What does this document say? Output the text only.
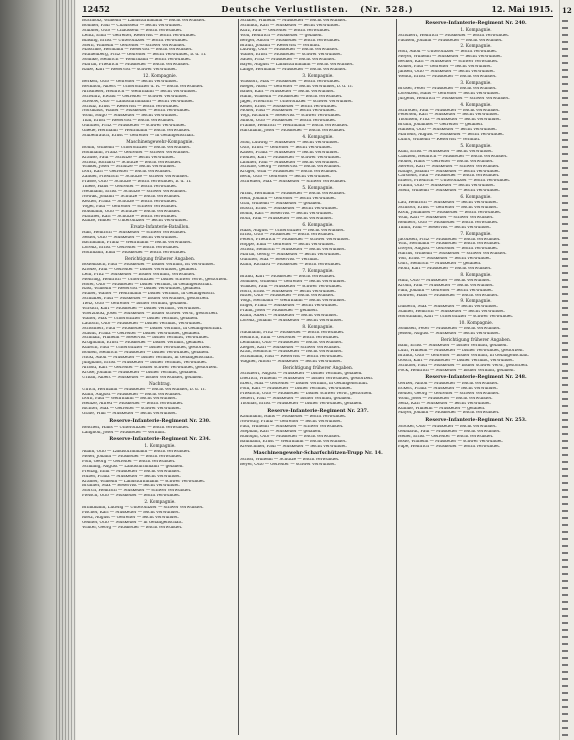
12452	Deutsche Verlustlisten. (Nr. 528.)	12. Mai 1915.
Buchholz, Wilhelm — Landsturmmann — leicht verwundet.
Böhmer, Paul — Chausseur — leicht verwundet.
Stübner, Otto — Chausseur — leicht verwundet.
Lentz, Emil — Gefreiter, Reservist — leicht verwundet.
Bläsing, Ernst — Unteroffizier — leicht verwundet.
Stern, Wilhelm — Gefreiter — schwer verwundet.
Maschke, Hermann — Reservist — leicht verwundet.
Mühlenberg, Fritz — Gefreiter — leicht verwundet, b. d. Tr.
Söhnke, Heinrich — Wehrmann — leicht verwundet.
Märtin, Friedrich — Musketier — leicht verwundet.
Rabe, Karl — Reservist — schwer verwundet.
12. Kompagnie.
Berkelt, Otto — Gefreiter — leicht verwundet.
Reckhoff, Albert — Unteroffizier d. R. — leicht verwundet.
Arnsmeier, Heinrich — Wehrmann — leicht verwundet.
Schwarz, Ewald — Gefreiter — schwer verwundet.
Strelow, Otto — Landsturmmann — leicht verwundet.
Schulz, Ernst — Reservist — leicht verwundet.
Nordhaus, Walter — Musketier — leicht verwundet.
Wolff, Hugo — Musketier — leicht verwundet.
Thal, Ernst — Reservist — leicht verwundet.
Günther, Fritz — Musketier — schwer verwundet.
Gaede, Hermann — Wehrmann — leicht verwundet.
Stubenrauch, Ernst — Gefreiter — in Gefangenschaft.
Maschinengewehr-Kompagnie.
Bohm, Wilhelm — Unteroffizier — leicht verwundet.
Hohmann, Franz — Gefreiter — schwer verwundet.
Krause, Paul — Schütze — leicht verwundet.
Scholz, Richard — Schütze — leicht verwundet.
Winkel, Josef — Schütze — leicht verwundet.
Dörr, Karl — Gefreiter — leicht verwundet.
Zander, Friedrich — Schütze — schwer verwundet.
Prasse, Otto — Schütze — leicht verwundet, b. d. Tr.
Thiele, Hans — Gefreiter — leicht verwundet.
Neumann, Ernst — Schütze — schwer verwundet.
Nowak, Johann — Schütze — leicht verwundet.
Kettler, Franz — Schütze — leicht verwundet.
Vogel, Paul — Gefreiter — schwer verwundet.
Roßmann, Otto — Schütze — leicht verwundet.
Matthes, Karl — Schütze — leicht verwundet.
Kunze, Walter — Unteroffizier — leicht verwundet.
Ersatz-Infanterie-Bataillon.
Haß, Heinrich — Musketier — schwer verwundet.
Seidel, Otto — Musketier — leicht verwundet.
Bachmann, Franz — Wehrmann — leicht verwundet.
Lorenz, Ernst — Gefreiter — leicht verwundet.
Hoffmann, Emil — Musketier — leicht verwundet.
Berichtigung früherer Angaben.
Bodenbach, Paul — Musketier — bisher vermißt, ist verwundet.
Kriebe, Paul — Gefreiter — bisher verwundet, gefallen.
Lehr, Fritz — Musketier — bisher vermißt, verwundet.
Mehring, Heinrich — Unteroffizier — bisher schwer verw., gestorben.
Höfer, Otto — Musketier — bisher vermißt, in Gefangenschaft.
Rast, Wilhelm — Reservist — bisher verwundet, gefallen.
Müller, Walter — Wehrmann — bisher vermißt, in Gefangensch.
Schnabel, Paul — Musketier — bisher verwundet, gestorben.
Tietz, Otto — Gefreiter — bisher vermißt, gefallen.
Wirsich, Karl — Musketier — bisher vermißt, verwundet.
Wierzbicki, Josef — Musketier — bisher schwer verw., gestorben.
Walter, Max — Unteroffizier — bisher vermißt, gefallen.
Lautsch, Otto — Musketier — bisher vermißt, verwundet.
Schönherr, Paul — Musketier — bisher vermißt, in Gefangenschaft.
Staudt, Franz — Gefreiter — bisher verwundet, gefallen.
Schmalz, Wilhelm — Reservist — bisher vermißt, verwundet.
Krugmann, Ernst — Musketier — bisher vermißt, gefallen.
Kubsch, Paul — Unteroffizier — bisher verwundet, gestorben.
Bohlen, Heinrich — Musketier — bisher verwundet, gefallen.
Nickl, Adolf — Musketier — bisher vermißt, in Gefangenschaft.
Junghans, Ernst — Musketier — bisher vermißt, verwundet.
Arnold, Karl — Gefreiter — bisher schwer verwundet, gestorben.
Kruse, Johann — Musketier — bisher vermißt, gefallen.
Urban, Albert — Musketier — bisher verwundet, gefallen.
Nachtrag.
Ulrich, Hermann — Musketier — leicht verwundet, b. d. Tr.
Kuhn, August — Musketier — leicht verwundet.
Dorn, Paul — Wehrmann — leicht verwundet.
Heinze, Alfred — Musketier — leicht verwundet.
Richter, Max — Gefreiter — schwer verwundet.
Grafe, Willi — Musketier — leicht verwundet.
Reserve-Infanterie-Regiment Nr. 230.
Reichelt, Hans — Unteroffizier — leicht verwundet.
Langhoff, Josef — Musketier — vermißt.
Reserve-Infanterie-Regiment Nr. 234.
1. Kompagnie.
Adam, Otto — Landsturmmann — leicht verwundet.
Meier, Johann — Musketier — leicht verwundet.
Pohl, Georg — Gefreiter — leicht verwundet.
Schilling, August — Landsturmmann — gefallen.
Freitag, Emil — Musketier — leicht verwundet.
Huber, Franz — Musketier — leicht verwundet.
Kramer, Wilhelm — Landsturmmann — schwer verwundet.
Brunner, Max — Reservist — leicht verwundet.
Storch, Heinrich — Musketier — schwer verwundet.
Pietsch, Otto — Musketier — leicht verwundet.
2. Kompagnie.
Brinkmann, Ludwig — Unteroffizier — schwer verwundet.
Fischer, Karl — Musketier — leicht verwundet.
Rietz, August — Gefreiter — leicht verwundet.
Geißler, Otto — Musketier — in Gefangenschaft.
Winter, Georg — Musketier — leicht verwundet.
Schäfer, Wilhelm — Musketier — leicht verwundet.
Schmidt, Karl — Musketier — leicht verwundet.
Kurz, Paul — Gefreiter — leicht verwundet.
Wolf, Heinrich — Musketier — gefallen.
Berger, Anton — Musketier — leicht verwundet.
Braun, Johann — Reservist — vermißt.
Ludwig, Otto — Musketier — leicht verwundet.
Walter, Ernst — Musketier — schwer verwundet.
Sauer, Fritz — Musketier — leicht verwundet.
Bayer, August — Landsturmmann — leicht verwundet.
Lange, Hermann — Musketier — leicht verwundet.
3. Kompagnie.
Wilsdorf, Max — Musketier — leicht verwundet.
Rieger, Adolf — Gefreiter — leicht verwundet, b. d. Tr.
Bauer, Karl — Musketier — leicht verwundet.
Hahn, Wilhelm — Musketier — leicht verwundet.
Jäger, Friedrich — Unteroffizier — schwer verwundet.
Keller, Ernst — Musketier — leicht verwundet.
Möller, Paul — Musketier — leicht verwundet.
Vogt, Richard — Reservist — schwer verwundet.
Simon, Otto — Musketier — leicht verwundet.
Franke, Heinrich — Wehrmann — leicht verwundet.
Hartmann, Josef — Musketier — leicht verwundet.
4. Kompagnie.
Stoll, Ludwig — Musketier — leicht verwundet.
Otto, Ernst — Gefreiter — leicht verwundet.
Kaiser, Franz — Musketier — leicht verwundet.
Pfeiffer, Karl — Musketier — schwer verwundet.
Lindner, Paul — Musketier — leicht verwundet.
Schulte, Georg — Reservist — leicht verwundet.
Krüger, Willi — Musketier — leicht verwundet.
Beck, Otto — Gefreiter — leicht verwundet.
Schreiber, Max — Musketier — schwer verwundet.
5. Kompagnie.
Arndt, Hermann — Musketier — leicht verwundet.
Hein, Johann — Gefreiter — leicht verwundet.
Graf, Wilhelm — Musketier — gefallen.
Busch, Ernst — Musketier — leicht verwundet.
Böhm, Karl — Reservist — leicht verwundet.
Roth, Paul — Musketier — leicht verwundet.
6. Kompagnie.
Haas, August — Unteroffizier — leicht verwundet.
Ernst, Otto — Musketier — leicht verwundet.
Peters, Friedrich — Musketier — schwer verwundet.
Hoppe, Emil — Gefreiter — leicht verwundet.
Scholz, Heinrich — Musketier — leicht verwundet.
Martin, Georg — Musketier — leicht verwundet.
Günther, Max — Reservist — vermißt.
Kuhn, Richard — Musketier — leicht verwundet.
7. Kompagnie.
Brand, Karl — Musketier — leicht verwundet.
Sommer, Wilhelm — Gefreiter — leicht verwundet.
Winkler, Paul — Musketier — schwer verwundet.
Horn, Ernst — Musketier — leicht verwundet.
Ritter, Otto — Musketier — leicht verwundet.
Voigt, Hermann — Wehrmann — leicht verwundet.
Engel, Franz — Musketier — leicht verwundet.
Frank, Josef — Musketier — gefallen.
Kühn, Albert — Musketier — leicht verwundet.
Lorenz, Johann — Musketier — leicht verwundet.
8. Kompagnie.
Naumann, Fritz — Musketier — leicht verwundet.
Heinrich, Emil — Gefreiter — leicht verwundet.
Lehmann, Otto — Musketier — leicht verwundet.
Ziegler, Karl — Musketier — schwer verwundet.
Kraft, Heinrich — Musketier — leicht verwundet.
Schumann, Paul — Reservist — leicht verwundet.
Wagner, Anton — Musketier — leicht verwundet.
Berichtigung früherer Angaben.
Schubert, August — Musketier — bisher vermißt, gefallen.
Dietrich, Wilhelm — Musketier — bisher verwundet, gestorben.
Ebert, Max — Gefreiter — bisher vermißt, in Gefangenschaft.
Pohl, Karl — Musketier — bisher vermißt, verwundet.
Friedrich, Otto — Musketier — bisher schwer verw., gestorben.
Seifert, Paul — Musketier — bisher vermißt, gefallen.
Thomas, Ernst — Musketier — bisher verwundet, gefallen.
Reserve-Infanterie-Regiment Nr. 237.
Kaufmann, Hans — Musketier — leicht verwundet.
Nowotny, Franz — Gefreiter — leicht verwundet.
Paul, Wilhelm — Musketier — schwer verwundet.
Stephan, Karl — Musketier — gefallen.
Rudolph, Otto — Musketier — leicht verwundet.
Baumann, Ernst — Wehrmann — leicht verwundet.
Kretschmer, Paul — Musketier — leicht verwundet.
Maschinengewehr-Scharfschützen-Trupp Nr. 14.
Schön, Wilhelm — Schütze — leicht verwundet.
Beyer, Otto — Gefreiter — schwer verwundet.
Reserve-Infanterie-Regiment Nr. 240.
1. Kompagnie.
Schubert, Heinrich — Musketier — leicht verwundet.
Paulsen, Johann — Musketier — leicht verwundet.
2. Kompagnie.
Hoff, Adolf — Unteroffizier — leicht verwundet.
Meyer, Wilhelm — Musketier — leicht verwundet.
Becker, Karl — Musketier — schwer verwundet.
Köhler, Paul — Gefreiter — leicht verwundet.
Jansen, Otto — Musketier — leicht verwundet.
Wendt, Ernst — Musketier — leicht verwundet.
3. Kompagnie.
Brüser, Peter — Musketier — leicht verwundet.
Lorenzen, Hans — Gefreiter — leicht verwundet.
Jürgens, Heinrich — Musketier — schwer verwundet.
4. Kompagnie.
Schröder, Paul — Musketier — leicht verwundet.
Petersen, Karl — Musketier — leicht verwundet.
Thomsen, Fritz — Musketier — leicht verwundet.
Bruhn, Johannes — Gefreiter — gefallen.
Hansen, Otto — Musketier — leicht verwundet.
Martens, August — Musketier — leicht verwundet.
Lührs, Wilhelm — Reservist — vermißt.
5. Kompagnie.
Kühl, Ernst — Musketier — leicht verwundet.
Claußen, Heinrich — Musketier — leicht verwundet.
Möller, Hans — Gefreiter — leicht verwundet.
Sievers, Karl — Musketier — schwer verwundet.
Rathje, Johann — Musketier — leicht verwundet.
Carstens, Paul — Musketier — leicht verwundet.
Ehlers, Friedrich — Unteroffizier — leicht verwundet.
Frahm, Otto — Musketier — leicht verwundet.
Stehr, Wilhelm — Musketier — leicht verwundet.
6. Kompagnie.
Lau, Heinrich — Musketier — leicht verwundet.
Schnoor, Ernst — Gefreiter — leicht verwundet.
Kock, Johannes — Musketier — leicht verwundet.
Wulf, Karl — Musketier — schwer verwundet.
Reimers, Otto — Musketier — leicht verwundet.
Timm, Paul — Reservist — leicht verwundet.
7. Kompagnie.
Jacobsen, Fritz — Musketier — leicht verwundet.
Witt, Hermann — Musketier — leicht verwundet.
Dreyer, August — Gefreiter — leicht verwundet.
Harms, Wilhelm — Musketier — schwer verwundet.
Voß, Ernst — Musketier — leicht verwundet.
Ohrt, Heinrich — Musketier — gefallen.
Mohr, Karl — Musketier — leicht verwundet.
8. Kompagnie.
Hinz, Otto — Musketier — leicht verwundet.
Krohn, Paul — Musketier — leicht verwundet.
Pahl, Johann — Gefreiter — leicht verwundet.
Rohwer, Hans — Musketier — leicht verwundet.
9. Kompagnie.
Dibbern, Max — Musketier — leicht verwundet.
Stamer, Heinrich — Musketier — leicht verwundet.
Horstmann, Karl — Unteroffizier — schwer verwundet.
10. Kompagnie.
Sönksen, Peter — Musketier — leicht verwundet.
Jessen, August — Musketier — leicht verwundet.
Berichtigung früherer Angaben.
Bahr, Ernst — Musketier — bisher vermißt, gefallen.
Lüth, Wilhelm — Musketier — bisher verwundet, gestorben.
Brandt, Otto — Gefreiter — bisher vermißt, in Gefangenschaft.
Gosch, Karl — Musketier — bisher vermißt, verwundet.
Schlüter, Paul — Musketier — bisher schwer verw., gestorben.
Fock, Heinrich — Musketier — bisher vermißt, gefallen.
Reserve-Infanterie-Regiment Nr. 248.
Gerber, Anton — Musketier — leicht verwundet.
Eckert, Franz — Musketier — leicht verwundet.
Reuter, Georg — Gefreiter — schwer verwundet.
Wolff, Josef — Musketier — leicht verwundet.
Seitz, Karl — Musketier — leicht verwundet.
Kuhnle, Wilhelm — Musketier — gefallen.
Mayer, Johann — Musketier — leicht verwundet.
Reserve-Infanterie-Regiment Nr. 253.
Stöcker, Otto — Musketier — leicht verwundet.
Gebhardt, Paul — Musketier — leicht verwundet.
Heller, Ernst — Gefreiter — leicht verwundet.
Bode, Wilhelm — Musketier — schwer verwundet.
Pape, Heinrich — Musketier — leicht verwundet.
12
